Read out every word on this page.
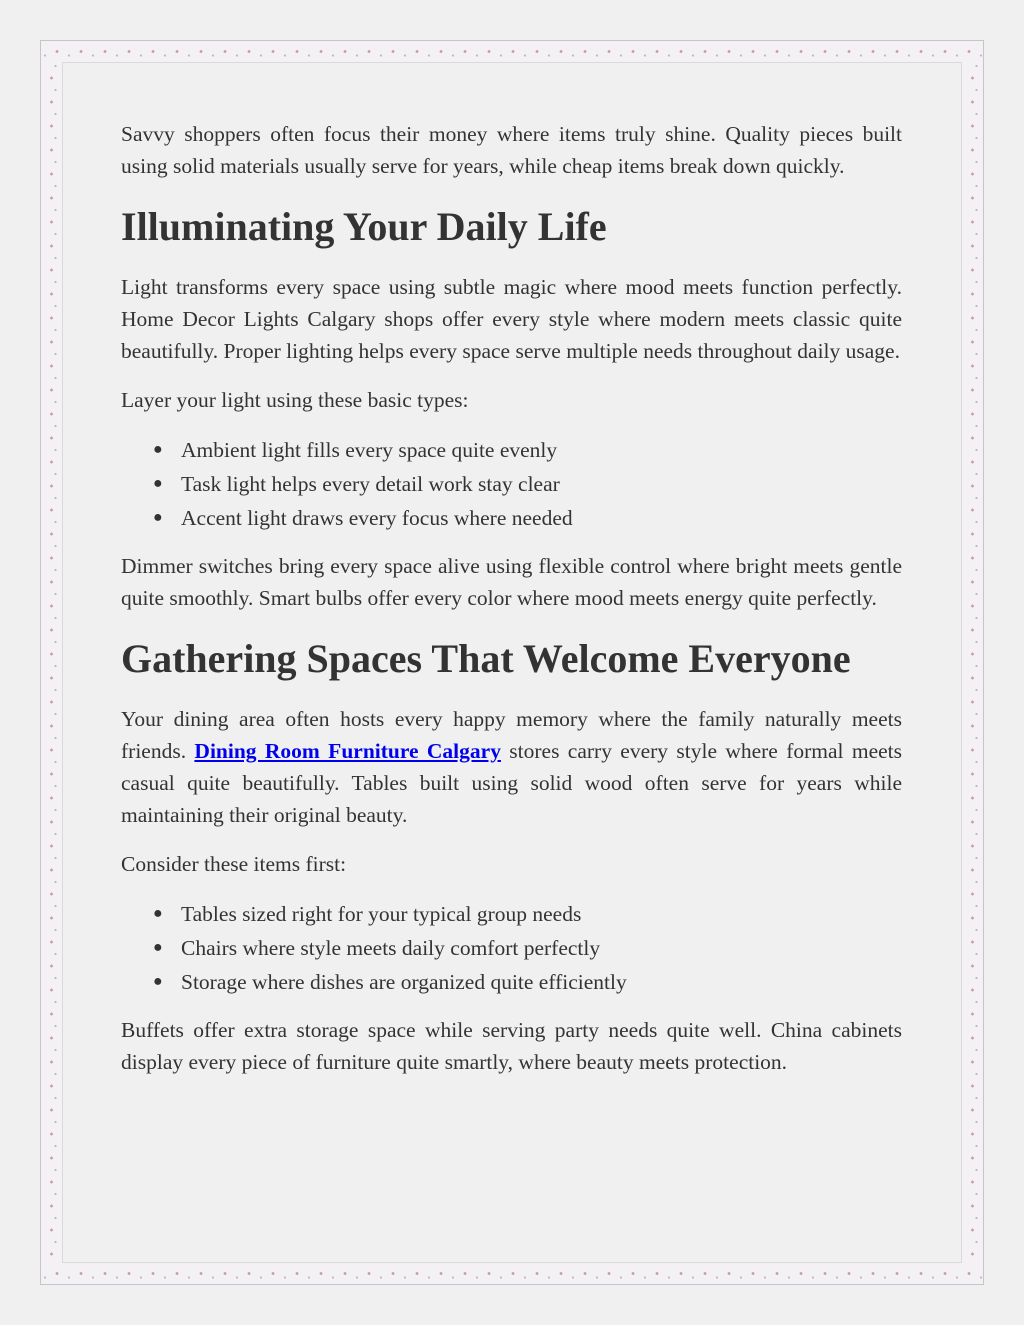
Savvy shoppers often focus their money where items truly shine. Quality pieces built using solid materials usually serve for years, while cheap items break down quickly.

Illuminating Your Daily Life

Light transforms every space using subtle magic where mood meets function perfectly. Home Decor Lights Calgary shops offer every style where modern meets classic quite beautifully. Proper lighting helps every space serve multiple needs throughout daily usage.

Layer your light using these basic types:

● Ambient light fills every space quite evenly
● Task light helps every detail work stay clear
● Accent light draws every focus where needed

Dimmer switches bring every space alive using flexible control where bright meets gentle quite smoothly. Smart bulbs offer every color where mood meets energy quite perfectly.

Gathering Spaces That Welcome Everyone

Your dining area often hosts every happy memory where the family naturally meets friends. Dining Room Furniture Calgary stores carry every style where formal meets casual quite beautifully. Tables built using solid wood often serve for years while maintaining their original beauty.

Consider these items first:

● Tables sized right for your typical group needs
● Chairs where style meets daily comfort perfectly
● Storage where dishes are organized quite efficiently

Buffets offer extra storage space while serving party needs quite well. China cabinets display every piece of furniture quite smartly, where beauty meets protection.
